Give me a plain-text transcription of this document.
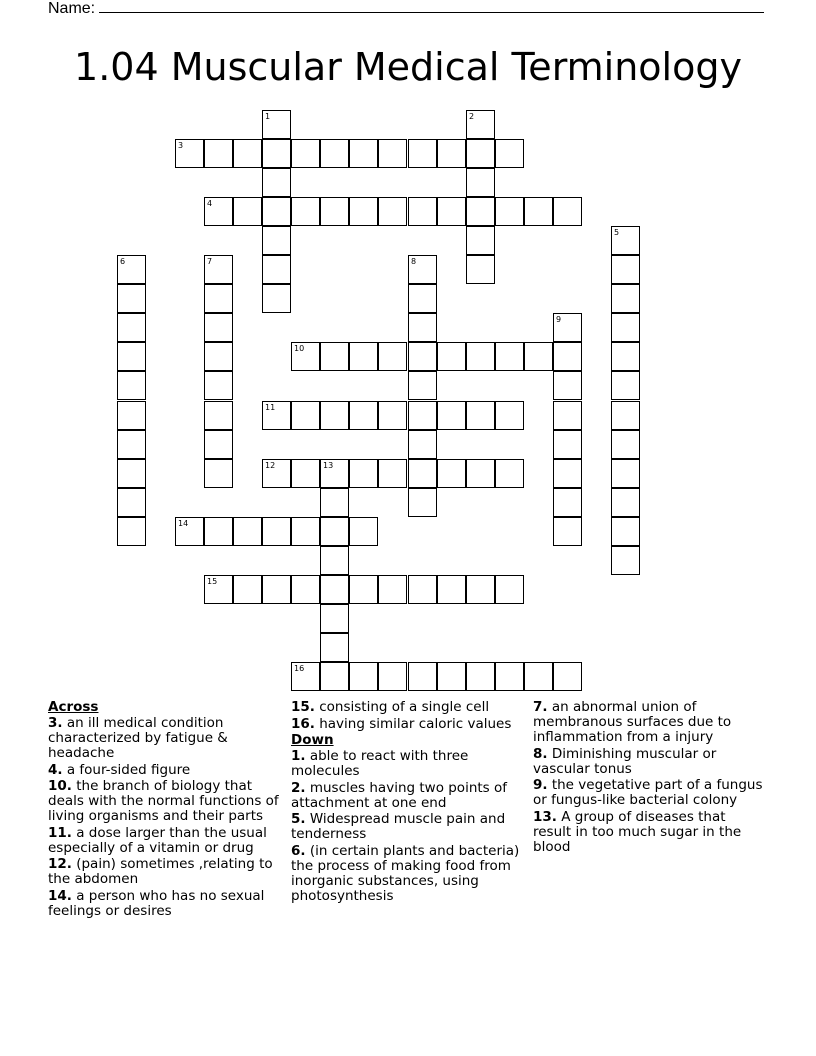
Name:
1.04 Muscular Medical Terminology
1	2
3
4
5
6	7	8
9
10
11
12	13
14
15
16
Across
3. an ill medical condition characterized by fatigue & headache
4. a four-sided figure
10. the branch of biology that deals with the normal functions of living organisms and their parts
11. a dose larger than the usual especially of a vitamin or drug
12. (pain) sometimes ,relating to the abdomen
14. a person who has no sexual feelings or desires
15. consisting of a single cell
16. having similar caloric values
Down
1. able to react with three molecules
2. muscles having two points of attachment at one end
5. Widespread muscle pain and tenderness
6. (in certain plants and bacteria) the process of making food from inorganic substances, using photosynthesis
7. an abnormal union of membranous surfaces due to inflammation from a injury
8. Diminishing muscular or vascular tonus
9. the vegetative part of a fungus or fungus-like bacterial colony
13. A group of diseases that result in too much sugar in the blood
